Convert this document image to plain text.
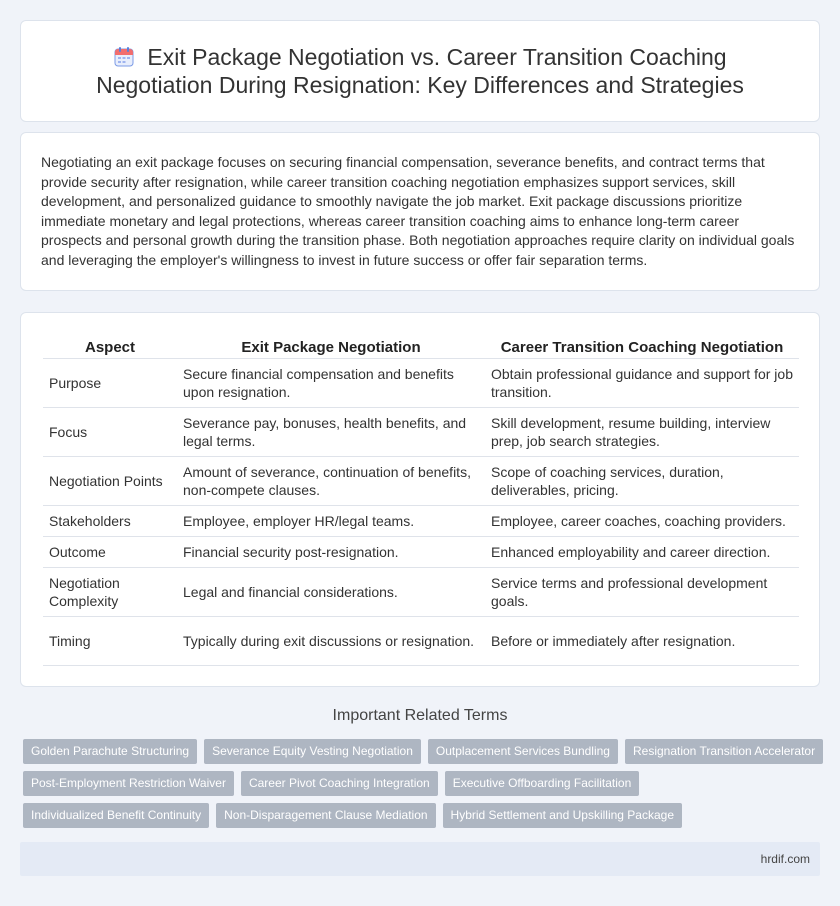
Exit Package Negotiation vs. Career Transition Coaching Negotiation During Resignation: Key Differences and Strategies

Negotiating an exit package focuses on securing financial compensation, severance benefits, and contract terms that provide security after resignation, while career transition coaching negotiation emphasizes support services, skill development, and personalized guidance to smoothly navigate the job market. Exit package discussions prioritize immediate monetary and legal protections, whereas career transition coaching aims to enhance long-term career prospects and personal growth during the transition phase. Both negotiation approaches require clarity on individual goals and leveraging the employer's willingness to invest in future success or offer fair separation terms.

Aspect	Exit Package Negotiation	Career Transition Coaching Negotiation
Purpose	Secure financial compensation and benefits upon resignation.	Obtain professional guidance and support for job transition.
Focus	Severance pay, bonuses, health benefits, and legal terms.	Skill development, resume building, interview prep, job search strategies.
Negotiation Points	Amount of severance, continuation of benefits, non-compete clauses.	Scope of coaching services, duration, deliverables, pricing.
Stakeholders	Employee, employer HR/legal teams.	Employee, career coaches, coaching providers.
Outcome	Financial security post-resignation.	Enhanced employability and career direction.
Negotiation Complexity	Legal and financial considerations.	Service terms and professional development goals.
Timing	Typically during exit discussions or resignation.	Before or immediately after resignation.
Important Related Terms
Golden Parachute Structuring	Severance Equity Vesting Negotiation	Outplacement Services Bundling	Resignation Transition Accelerator
Post-Employment Restriction Waiver	Career Pivot Coaching Integration	Executive Offboarding Facilitation
Individualized Benefit Continuity	Non-Disparagement Clause Mediation	Hybrid Settlement and Upskilling Package
hrdif.com
